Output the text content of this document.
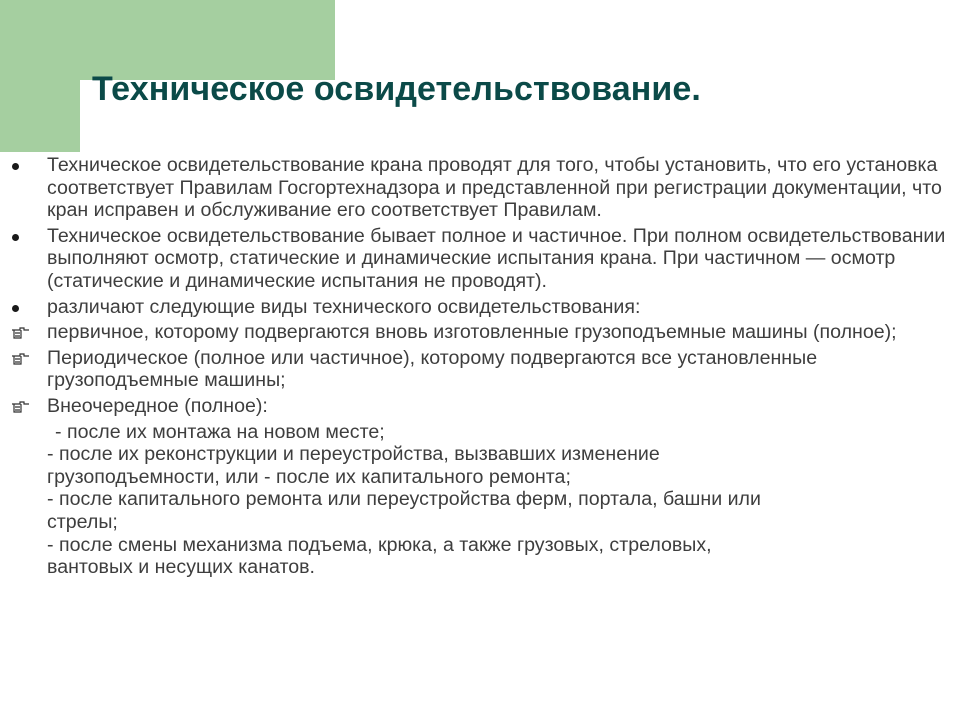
Техническое освидетельствование.
Техническое освидетельствование крана проводят для того, чтобы установить, что его установка соответствует Правилам Госгортехнадзора и представленной при регистрации документации, что кран исправен и обслуживание его соответствует Правилам.
Техническое освидетельствование бывает полное и частичное. При полном освидетельствовании выполняют осмотр, статические и динамические испытания крана. При частичном — осмотр (статические и динамические испытания не проводят).
различают следующие виды технического освидетельствования:
первичное, которому подвергаются вновь изготовленные грузоподъемные машины (полное);
Периодическое (полное или частичное), которому подвергаются все установленные грузоподъемные машины;
Внеочередное (полное):
- после их монтажа на новом месте;
- после их реконструкции и переустройства, вызвавших изменение
грузоподъемности, или - после их капитального ремонта;
- после капитального ремонта или переустройства ферм, портала, башни или
стрелы;
- после смены механизма подъема, крюка, а также грузовых, стреловых,
вантовых и несущих канатов.
